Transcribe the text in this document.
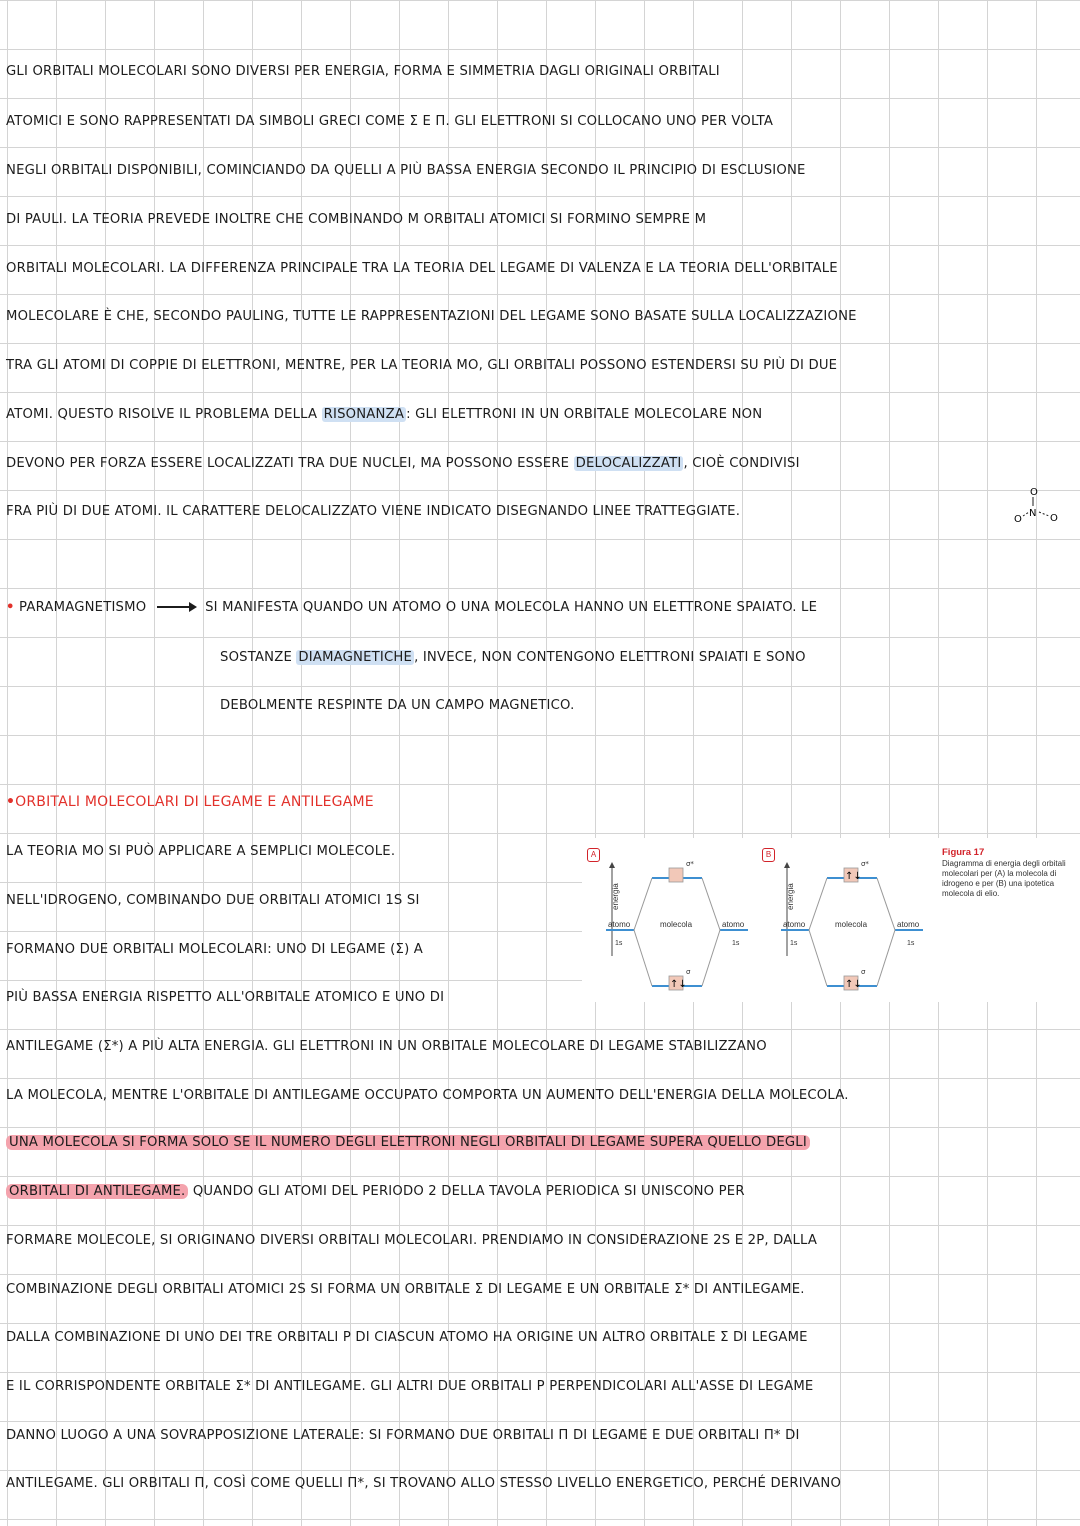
GLI ORBITALI MOLECOLARI SONO DIVERSI PER ENERGIA, FORMA E SIMMETRIA DAGLI ORIGINALI ORBITALI
ATOMICI E SONO RAPPRESENTATI DA SIMBOLI GRECI COME Σ E Π. GLI ELETTRONI SI COLLOCANO UNO PER VOLTA
NEGLI ORBITALI DISPONIBILI, COMINCIANDO DA QUELLI A PIÙ BASSA ENERGIA SECONDO IL PRINCIPIO DI ESCLUSIONE
DI PAULI. LA TEORIA PREVEDE INOLTRE CHE COMBINANDO M ORBITALI ATOMICI SI FORMINO SEMPRE M
ORBITALI MOLECOLARI. LA DIFFERENZA PRINCIPALE TRA LA TEORIA DEL LEGAME DI VALENZA E LA TEORIA DELL'ORBITALE
MOLECOLARE È CHE, SECONDO PAULING, TUTTE LE RAPPRESENTAZIONI DEL LEGAME SONO BASATE SULLA LOCALIZZAZIONE
TRA GLI ATOMI DI COPPIE DI ELETTRONI, MENTRE, PER LA TEORIA MO, GLI ORBITALI POSSONO ESTENDERSI SU PIÙ DI DUE
ATOMI. QUESTO RISOLVE IL PROBLEMA DELLA RISONANZA : GLI ELETTRONI IN UN ORBITALE MOLECOLARE NON
DEVONO PER FORZA ESSERE LOCALIZZATI TRA DUE NUCLEI, MA POSSONO ESSERE DELOCALIZZATI , CIOÈ CONDIVISI
FRA PIÙ DI DUE ATOMI. IL CARATTERE DELOCALIZZATO VIENE INDICATO DISEGNANDO LINEE TRATTEGGIATE.
O
N
O	O
• PARAMAGNETISMO	SI MANIFESTA QUANDO UN ATOMO O UNA MOLECOLA HANNO UN ELETTRONE SPAIATO. LE
SOSTANZE DIAMAGNETICHE , INVECE, NON CONTENGONO ELETTRONI SPAIATI E SONO
DEBOLMENTE RESPINTE DA UN CAMPO MAGNETICO.
•ORBITALI MOLECOLARI DI LEGAME E ANTILEGAME
LA TEORIA MO SI PUÒ APPLICARE A SEMPLICI MOLECOLE.
NELL'IDROGENO, COMBINANDO DUE ORBITALI ATOMICI 1S SI
FORMANO DUE ORBITALI MOLECOLARI: UNO DI LEGAME (Σ) A
PIÙ BASSA ENERGIA RISPETTO ALL'ORBITALE ATOMICO E UNO DI
A	B
energia
↑↓
σ*
σ
atomo
1s
molecola	atomo
1s
energia
↑↓
↑↓
σ*
σ
atomo
1s
molecola	atomo
1s
Figura 17
Diagramma di energia degli orbitali molecolari per (A) la molecola di idrogeno e per (B) una ipotetica molecola di elio.
ANTILEGAME (Σ*) A PIÙ ALTA ENERGIA. GLI ELETTRONI IN UN ORBITALE MOLECOLARE DI LEGAME STABILIZZANO
LA MOLECOLA, MENTRE L'ORBITALE DI ANTILEGAME OCCUPATO COMPORTA UN AUMENTO DELL'ENERGIA DELLA MOLECOLA.
UNA MOLECOLA SI FORMA SOLO SE IL NUMERO DEGLI ELETTRONI NEGLI ORBITALI DI LEGAME SUPERA QUELLO DEGLI
ORBITALI DI ANTILEGAME. QUANDO GLI ATOMI DEL PERIODO 2 DELLA TAVOLA PERIODICA SI UNISCONO PER
FORMARE MOLECOLE, SI ORIGINANO DIVERSI ORBITALI MOLECOLARI. PRENDIAMO IN CONSIDERAZIONE 2S E 2P, DALLA
COMBINAZIONE DEGLI ORBITALI ATOMICI 2S SI FORMA UN ORBITALE Σ DI LEGAME E UN ORBITALE Σ* DI ANTILEGAME.
DALLA COMBINAZIONE DI UNO DEI TRE ORBITALI P DI CIASCUN ATOMO HA ORIGINE UN ALTRO ORBITALE Σ DI LEGAME
E IL CORRISPONDENTE ORBITALE Σ* DI ANTILEGAME. GLI ALTRI DUE ORBITALI P PERPENDICOLARI ALL'ASSE DI LEGAME
DANNO LUOGO A UNA SOVRAPPOSIZIONE LATERALE: SI FORMANO DUE ORBITALI Π DI LEGAME E DUE ORBITALI Π* DI
ANTILEGAME. GLI ORBITALI Π, COSÌ COME QUELLI Π*, SI TROVANO ALLO STESSO LIVELLO ENERGETICO, PERCHÉ DERIVANO
